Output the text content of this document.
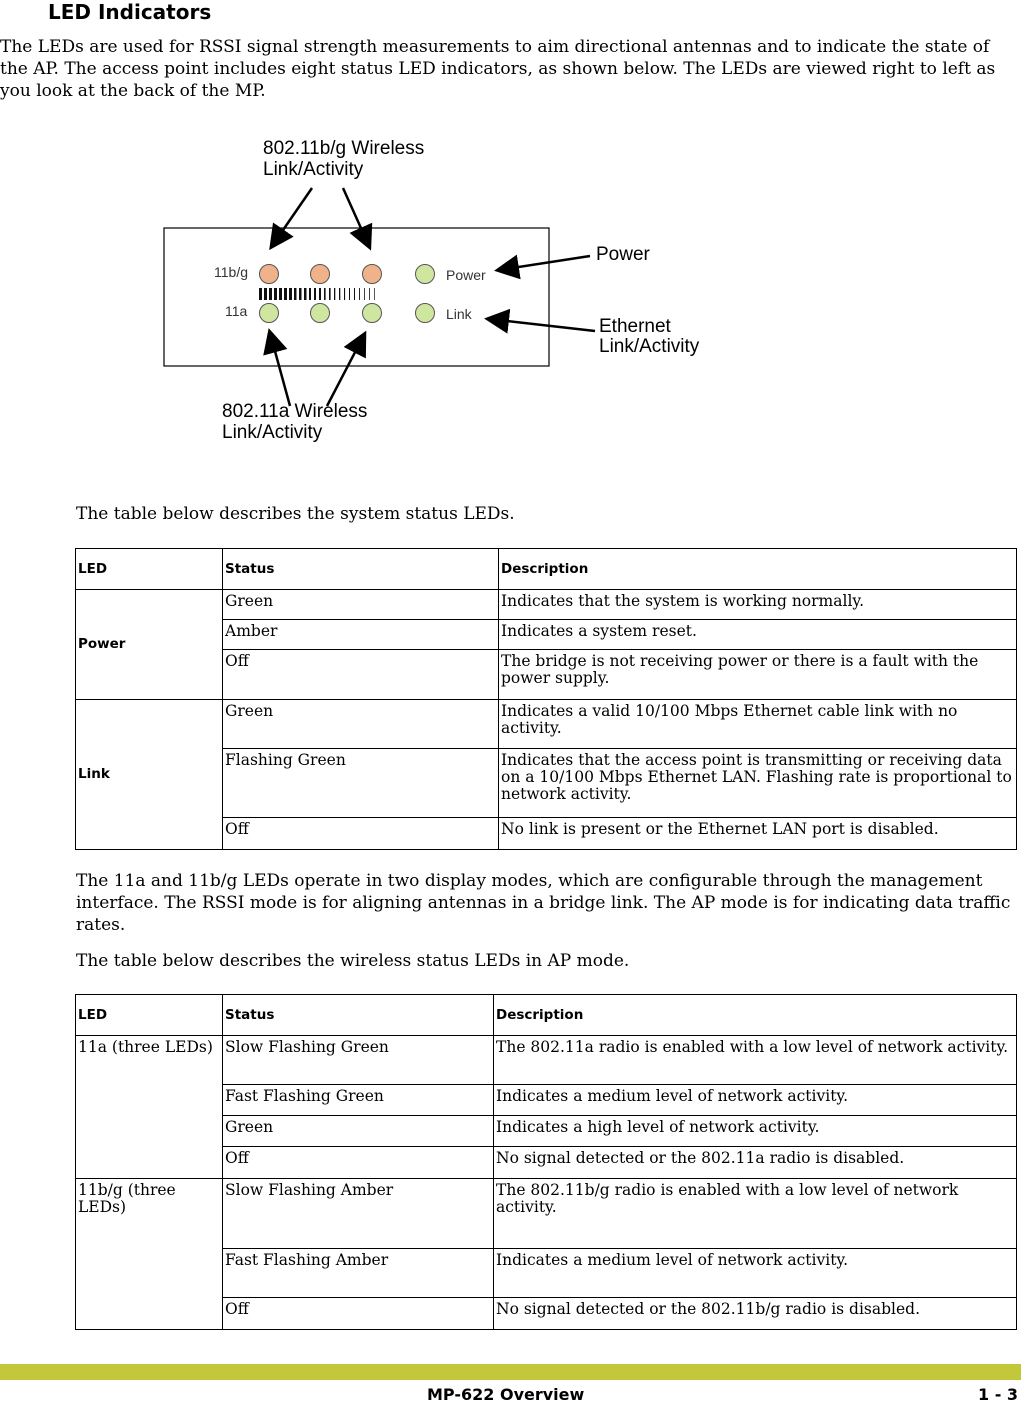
LED Indicators
The LEDs are used for RSSI signal strength measurements to aim directional antennas and to indicate the state of the AP. The access point includes eight status LED indicators, as shown below. The LEDs are viewed right to left as you look at the back of the MP.
802.11b/g Wireless
Link/Activity
Power
Ethernet
Link/Activity
802.11a Wireless
Link/Activity
11b/g
11a
Power
Link
The table below describes the system status LEDs.
LED	Status	Description
Power	Green	Indicates that the system is working normally.
	Amber	Indicates a system reset.
	Off	The bridge is not receiving power or there is a fault with the power supply.
Link	Green	Indicates a valid 10/100 Mbps Ethernet cable link with no activity.
	Flashing Green	Indicates that the access point is transmitting or receiving data on a 10/100 Mbps Ethernet LAN. Flashing rate is proportional to network activity.
	Off	No link is present or the Ethernet LAN port is disabled.
The 11a and 11b/g LEDs operate in two display modes, which are configurable through the management interface. The RSSI mode is for aligning antennas in a bridge link. The AP mode is for indicating data traffic rates.
The table below describes the wireless status LEDs in AP mode.
LED	Status	Description
11a (three LEDs)	Slow Flashing Green	The 802.11a radio is enabled with a low level of network activity.
	Fast Flashing Green	Indicates a medium level of network activity.
	Green	Indicates a high level of network activity.
	Off	No signal detected or the 802.11a radio is disabled.
11b/g (three LEDs)	Slow Flashing Amber	The 802.11b/g radio is enabled with a low level of network activity.
	Fast Flashing Amber	Indicates a medium level of network activity.
	Off	No signal detected or the 802.11b/g radio is disabled.
MP-622 Overview	1 - 3
